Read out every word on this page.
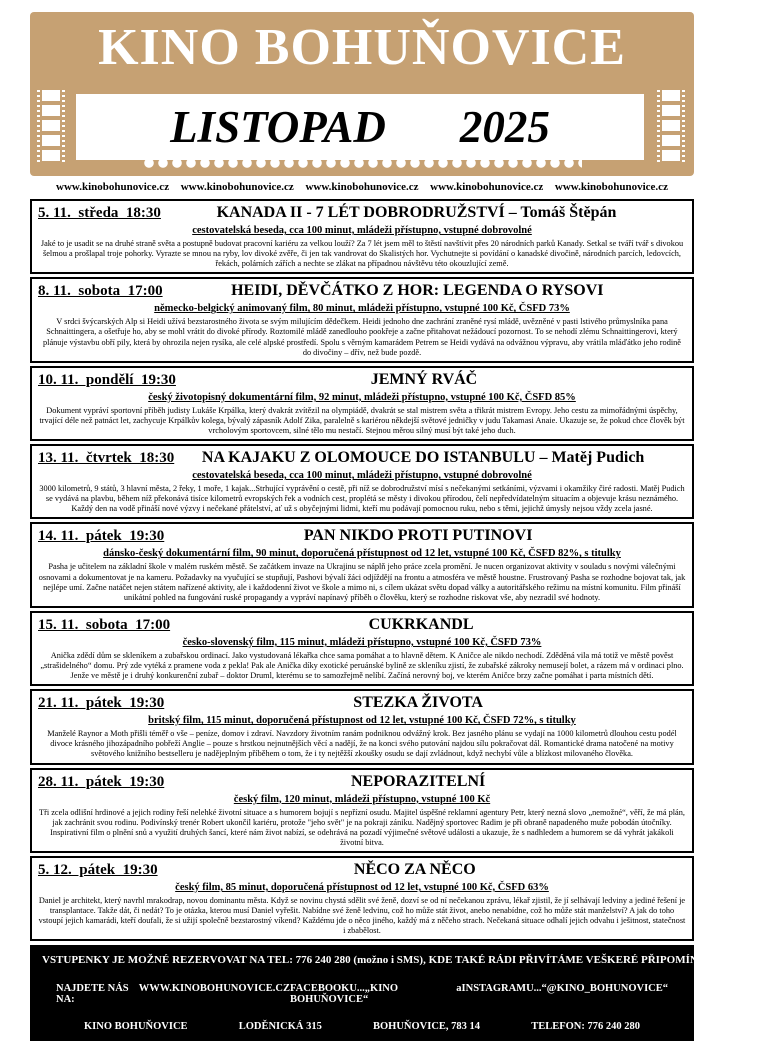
KINO BOHUŇOVICE
LISTOPAD 2025
www.kinobohunovice.cz www.kinobohunovice.cz www.kinobohunovice.cz www.kinobohunovice.cz www.kinobohunovice.cz
5. 11.  středa  18:30	KANADA II - 7 LÉT DOBRODRUŽSTVÍ – Tomáš Štěpán
cestovatelská beseda, cca 100 minut, mládeži přístupno, vstupné dobrovolné
Jaké to je usadit se na druhé straně světa a postupně budovat pracovní kariéru za velkou louží? Za 7 lét jsem měl to štěstí navštívit přes 20 národních parků Kanady. Setkal se tváří tvář s divokou šelmou a prošlapal troje pohorky. Vyrazte se mnou na ryby, lov divoké zvěře, či jen tak vandrovat do Skalistých hor. Vychutnejte si povídání o kanadské divočině, národních parcích, ledovcích, řekách, polárních zářích a nechte se zlákat na případnou návštěvu této okouzlující země.
8. 11.  sobota  17:00	HEIDI, DĚVČÁTKO Z HOR: LEGENDA O RYSOVI
německo-belgický animovaný film, 80 minut, mládeži přístupno, vstupné 100 Kč, ČSFD 73%
V srdci švýcarských Alp si Heidi užívá bezstarostného života se svým milujícím dědečkem. Heidi jednoho dne zachrání zraněné rysí mládě, uvězněné v pasti lstivého průmyslníka pana Schnaittingera, a ošetřuje ho, aby se mohl vrátit do divoké přírody. Roztomilé mládě zanedlouho pookřeje a začne přitahovat nežádoucí pozornost. To se nehodí zlému Schnaittingerovi, který plánuje výstavbu obří pily, která by ohrozila nejen rysíka, ale celé alpské prostředí. Spolu s věrným kamarádem Petrem se Heidi vydává na odvážnou výpravu, aby vrátila mláďátko jeho rodině do divočiny – dřív, než bude pozdě.
10. 11.  pondělí  19:30	JEMNÝ RVÁČ
český životopisný dokumentární film, 92 minut, mládeži přístupno, vstupné 100 Kč, ČSFD 85%
Dokument vypráví sportovní příběh judisty Lukáše Krpálka, který dvakrát zvítězil na olympiádě, dvakrát se stal mistrem světa a třikrát mistrem Evropy. Jeho cestu za mimořádnými úspěchy, trvající déle než patnáct let, zachycuje Krpálkův kolega, bývalý zápasník Adolf Zika, paralelně s kariérou někdejší světové jedničky v judu Takamasi Anaie. Ukazuje se, že pokud chce člověk být vrcholovým sportovcem, silné tělo mu nestačí. Stejnou měrou silný musí být také jeho duch.
13. 11.  čtvrtek  18:30	NA KAJAKU Z OLOMOUCE DO ISTANBULU – Matěj Pudich
cestovatelská beseda, cca 100 minut, mládeži přístupno, vstupné dobrovolné
3000 kilometrů, 9 států, 3 hlavní města, 2 řeky, 1 moře, 1 kajak...Strhující vyprávění o cestě, při níž se dobrodružství mísí s nečekanými setkáními, výzvami i okamžiky čiré radosti. Matěj Pudich se vydává na plavbu, během níž překonává tisíce kilometrů evropských řek a vodních cest, proplétá se městy i divokou přírodou, čelí nepředvídatelným situacím a objevuje krásu neznámého. Každý den na vodě přináší nové výzvy i nečekané přátelství, ať už s obyčejnými lidmi, kteří mu podávají pomocnou ruku, nebo s těmi, jejichž úmysly nejsou vždy zcela jasné.
14. 11.  pátek  19:30	PAN NIKDO PROTI PUTINOVI
dánsko-český dokumentární film, 90 minut, doporučená přístupnost od 12 let, vstupné 100 Kč, ČSFD 82%, s titulky
Pasha je učitelem na základní škole v malém ruském městě. Se začátkem invaze na Ukrajinu se náplň jeho práce zcela promění. Je nucen organizovat aktivity v souladu s novými válečnými osnovami a dokumentovat je na kameru. Požadavky na vyučující se stupňují, Pashovi bývalí žáci odjíždějí na frontu a atmosféra ve městě houstne. Frustrovaný Pasha se rozhodne bojovat tak, jak nejlépe umí. Začne natáčet nejen státem nařízené aktivity, ale i každodenní život ve škole a mimo ni, s cílem ukázat světu dopad války a autoritářského režimu na místní komunitu. Film přináší unikátní pohled na fungování ruské propagandy a vypráví napínavý příběh o člověku, který se rozhodne riskovat vše, aby nezradil své hodnoty.
15. 11.  sobota  17:00	CUKRKANDL
česko-slovenský film, 115 minut, mládeži přístupno, vstupné 100 Kč, ČSFD 73%
Anička zdědí dům se skleníkem a zubařskou ordinací. Jako vystudovaná lékařka chce sama pomáhat a to hlavně dětem. K Aničce ale nikdo nechodí. Zděděná vila má totiž ve městě pověst „strašidelného“ domu. Prý zde vytéká z pramene voda z pekla! Pak ale Anička díky exotické peruánské bylině ze skleníku zjistí, že zubařské zákroky nemusejí bolet, a rázem má v ordinaci plno. Jenže ve městě je i druhý konkurenční zubař – doktor Druml, kterému se to samozřejmě nelíbí. Začíná nerovný boj, ve kterém Aničce brzy začne pomáhat i parta místních dětí.
21. 11.  pátek  19:30	STEZKA ŽIVOTA
britský film, 115 minut, doporučená přístupnost od 12 let, vstupné 100 Kč, ČSFD 72%, s titulky
Manželé Raynor a Moth přišli téměř o vše – peníze, domov i zdraví. Navzdory životním ranám podniknou odvážný krok. Bez jasného plánu se vydají na 1000 kilometrů dlouhou cestu podél divoce krásného jihozápadního pobřeží Anglie – pouze s hrstkou nejnutnějších věcí a nadějí, že na konci svého putování najdou sílu pokračovat dál. Romantické drama natočené na motivy světového knižního bestselleru je nadějeplným příběhem o tom, že i ty nejtěžší zkoušky osudu se dají zvládnout, když nechybí vůle a blízkost milovaného člověka.
28. 11.  pátek  19:30	NEPORAZITELNÍ
český film, 120 minut, mládeži přístupno, vstupné 100 Kč
Tři zcela odlišní hrdinové a jejich rodiny řeší nelehké životní situace a s humorem bojují s nepřízní osudu. Majitel úspěšné reklamní agentury Petr, který nezná slovo „nemožné“, věří, že má plán, jak zachránit svou rodinu. Podivínský trenér Robert ukončil kariéru, protože "jeho svět" je na pokraji zániku. Nadějný sportovec Radim je při obraně napadeného muže pobodán útočníky. Inspirativní film o plnění snů a využití druhých šancí, které nám život nabízí, se odehrává na pozadí výjimečné světové události a ukazuje, že s nadhledem a humorem se dá vyhrát jakákoli životní bitva.
5. 12.  pátek  19:30	NĚCO ZA NĚCO
český film, 85 minut, doporučená přístupnost od 12 let, vstupné 100 Kč, ČSFD 63%
Daniel je architekt, který navrhl mrakodrap, novou dominantu města. Když se novinu chystá sdělit své ženě, dozví se od ní nečekanou zprávu, lékař zjistil, že jí selhávají ledviny a jediné řešení je transplantace. Takže dát, či nedát? To je otázka, kterou musí Daniel vyřešit. Nabídne své ženě ledvinu, což ho může stát život, anebo nenabídne, což ho může stát manželství? A jak do toho vstoupí jejich kamarádi, kteří doufali, že si užijí společně bezstarostný víkend? Každému jde o něco jiného, každý má z něčeho strach. Nečekaná situace odhalí jejich odvahu i ješitnost, statečnost i zbabělost.
VSTUPENKY JE MOŽNÉ REZERVOVAT NA TEL: 776 240 280 (možno i SMS), KDE TAKÉ RÁDI PŘIVÍTÁME VEŠKERÉ PŘIPOMÍNKY A NÁPADY...
NAJDETE NÁS NA:
WWW.KINOBOHUNOVICE.CZ FACEBOOKU...„KINO BOHUŇOVICE“
a INSTAGRAMU...“@KINO_BOHUNOVICE“
KINO BOHUŇOVICE	LODĚNICKÁ 315	BOHUŇOVICE, 783 14	TELEFON: 776 240 280
